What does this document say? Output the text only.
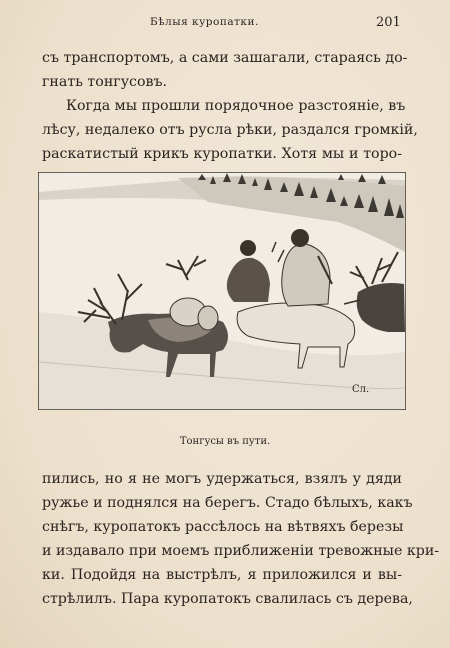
Бѣлыя куропатки.	201
съ транспортомъ, а сами зашагали, стараясь до-
гнать тонгусовъ.
Когда мы прошли порядочное разстояніе, въ
лѣсу, недалеко отъ русла рѣки, раздался громкій,
раскатистый крикъ куропатки. Хотя мы и торо-
Сл.
Тонгусы въ пути.
пились, но я не могъ удержаться, взялъ у дяди
ружье и поднялся на берегъ. Стадо бѣлыхъ, какъ
снѣгъ, куропатокъ расcѣлось на вѣтвяхъ березы
и издавало при моемъ приближеніи тревожные кри-
ки. Подойдя на выстрѣлъ, я приложился и вы-
стрѣлилъ. Пара куропатокъ свалилась съ дерева,
